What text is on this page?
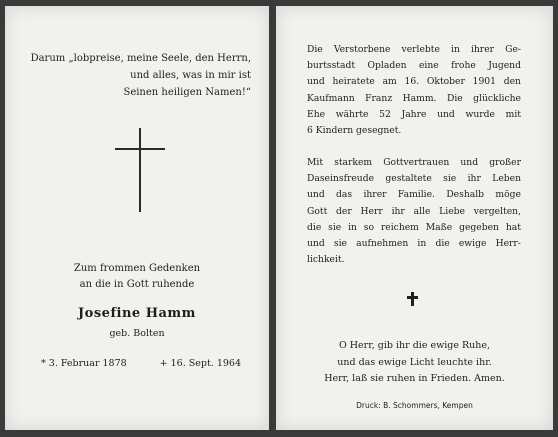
Darum „lobpreise, meine Seele, den Herrn,
und alles, was in mir ist
Seinen heiligen Namen!“
Zum frommen Gedenken
an die in Gott ruhende
Josefine Hamm
geb. Bolten
* 3. Februar 1878	+ 16. Sept. 1964
Die Verstorbene verlebte in ihrer Ge-
burtsstadt Opladen eine frohe Jugend
und heiratete am 16. Oktober 1901 den
Kaufmann Franz Hamm. Die glückliche
Ehe währte 52 Jahre und wurde mit
6 Kindern gesegnet.
Mit starkem Gottvertrauen und großer
Daseinsfreude gestaltete sie ihr Leben
und das ihrer Familie. Deshalb möge
Gott der Herr ihr alle Liebe vergelten,
die sie in so reichem Maße gegeben hat
und sie aufnehmen in die ewige Herr-
lichkeit.
O Herr, gib ihr die ewige Ruhe,
und das ewige Licht leuchte ihr.
Herr, laß sie ruhen in Frieden. Amen.
Druck: B. Schommers, Kempen
